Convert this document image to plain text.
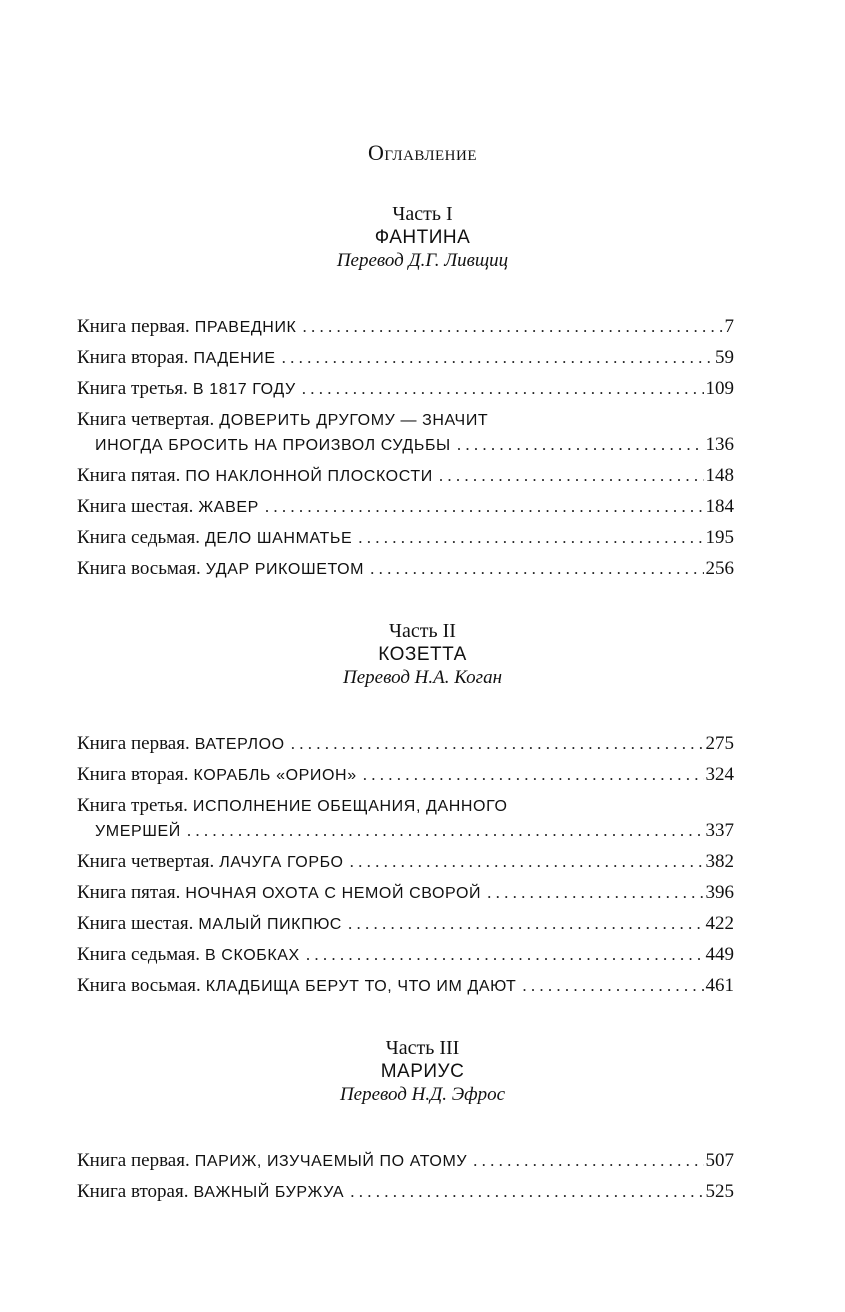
Оглавление
Часть I
ФАНТИНА
Перевод Д.Г. Ливщиц
Книга первая. ПРАВЕДНИК . . .	7
Книга вторая. ПАДЕНИЕ . . .	59
Книга третья. В 1817 ГОДУ . . .	109
Книга четвертая. ДОВЕРИТЬ ДРУГОМУ — ЗНАЧИТ
ИНОГДА БРОСИТЬ НА ПРОИЗВОЛ СУДЬБЫ . . .	136
Книга пятая. ПО НАКЛОННОЙ ПЛОСКОСТИ . . .	148
Книга шестая. ЖАВЕР . . .	184
Книга седьмая. ДЕЛО ШАНМАТЬЕ . . .	195
Книга восьмая. УДАР РИКОШЕТОМ . . .	256
Часть II
КОЗЕТТА
Перевод Н.А. Коган
Книга первая. ВАТЕРЛОО . . .	275
Книга вторая. КОРАБЛЬ «ОРИОН» . . .	324
Книга третья. ИСПОЛНЕНИЕ ОБЕЩАНИЯ, ДАННОГО
УМЕРШЕЙ . . .	337
Книга четвертая. ЛАЧУГА ГОРБО . . .	382
Книга пятая. НОЧНАЯ ОХОТА С НЕМОЙ СВОРОЙ . . .	396
Книга шестая. МАЛЫЙ ПИКПЮС . . .	422
Книга седьмая. В СКОБКАХ . . .	449
Книга восьмая. КЛАДБИЩА БЕРУТ ТО, ЧТО ИМ ДАЮТ . . .	461
Часть III
МАРИУС
Перевод Н.Д. Эфрос
Книга первая. ПАРИЖ, ИЗУЧАЕМЫЙ ПО АТОМУ . . .	507
Книга вторая. ВАЖНЫЙ БУРЖУА . . .	525
